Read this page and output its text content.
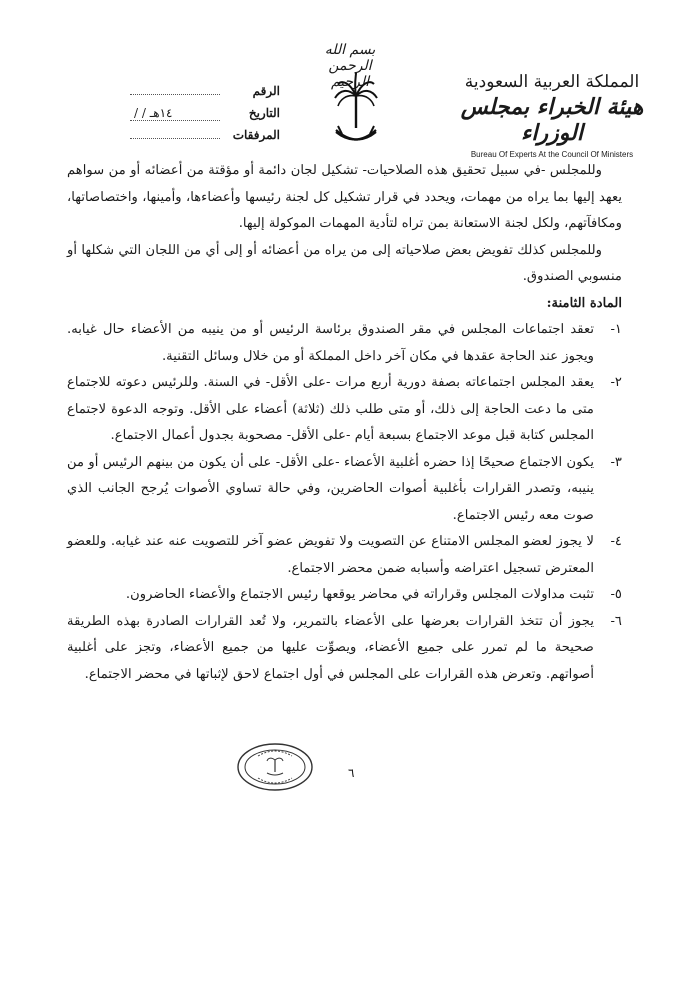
المملكة العربية السعودية
هيئة الخبراء بمجلس الوزراء
Bureau Of Experts At the Council Of Ministers
بسم الله الرحمن الرحيم
الرقم
التاريخ
/ / ١٤هـ
المرفقات

وللمجلس -في سبيل تحقيق هذه الصلاحيات- تشكيل لجان دائمة أو مؤقتة من أعضائه أو من سواهم يعهد إليها بما يراه من مهمات، ويحدد في قرار تشكيل كل لجنة رئيسها وأعضاءها، وأمينها، واختصاصاتها، ومكافآتهم، ولكل لجنة الاستعانة بمن تراه لتأدية المهمات الموكولة إليها.

وللمجلس كذلك تفويض بعض صلاحياته إلى من يراه من أعضائه أو إلى أي من اللجان التي شكلها أو منسوبي الصندوق.

المادة الثامنة:

١-
تعقد اجتماعات المجلس في مقر الصندوق برئاسة الرئيس أو من ينيبه من الأعضاء حال غيابه. ويجوز عند الحاجة عقدها في مكان آخر داخل المملكة أو من خلال وسائل التقنية.
٢-
يعقد المجلس اجتماعاته بصفة دورية أربع مرات -على الأقل- في السنة. وللرئيس دعوته للاجتماع متى ما دعت الحاجة إلى ذلك، أو متى طلب ذلك (ثلاثة) أعضاء على الأقل. وتوجه الدعوة لاجتماع المجلس كتابة قبل موعد الاجتماع بسبعة أيام -على الأقل- مصحوبة بجدول أعمال الاجتماع.
٣-
يكون الاجتماع صحيحًا إذا حضره أغلبية الأعضاء -على الأقل- على أن يكون من بينهم الرئيس أو من ينيبه، وتصدر القرارات بأغلبية أصوات الحاضرين، وفي حالة تساوي الأصوات يُرجح الجانب الذي صوت معه رئيس الاجتماع.
٤-
لا يجوز لعضو المجلس الامتناع عن التصويت ولا تفويض عضو آخر للتصويت عنه عند غيابه. وللعضو المعترض تسجيل اعتراضه وأسبابه ضمن محضر الاجتماع.
٥-
تثبت مداولات المجلس وقراراته في محاضر يوقعها رئيس الاجتماع والأعضاء الحاضرون.
٦-
يجوز أن تتخذ القرارات بعرضها على الأعضاء بالتمرير، ولا تُعد القرارات الصادرة بهذه الطريقة صحيحة ما لم تمرر على جميع الأعضاء، ويصوِّت عليها من جميع الأعضاء، وتجز على أغلبية أصواتهم. وتعرض هذه القرارات على المجلس في أول اجتماع لاحق لإثباتها في محضر الاجتماع.
٦
